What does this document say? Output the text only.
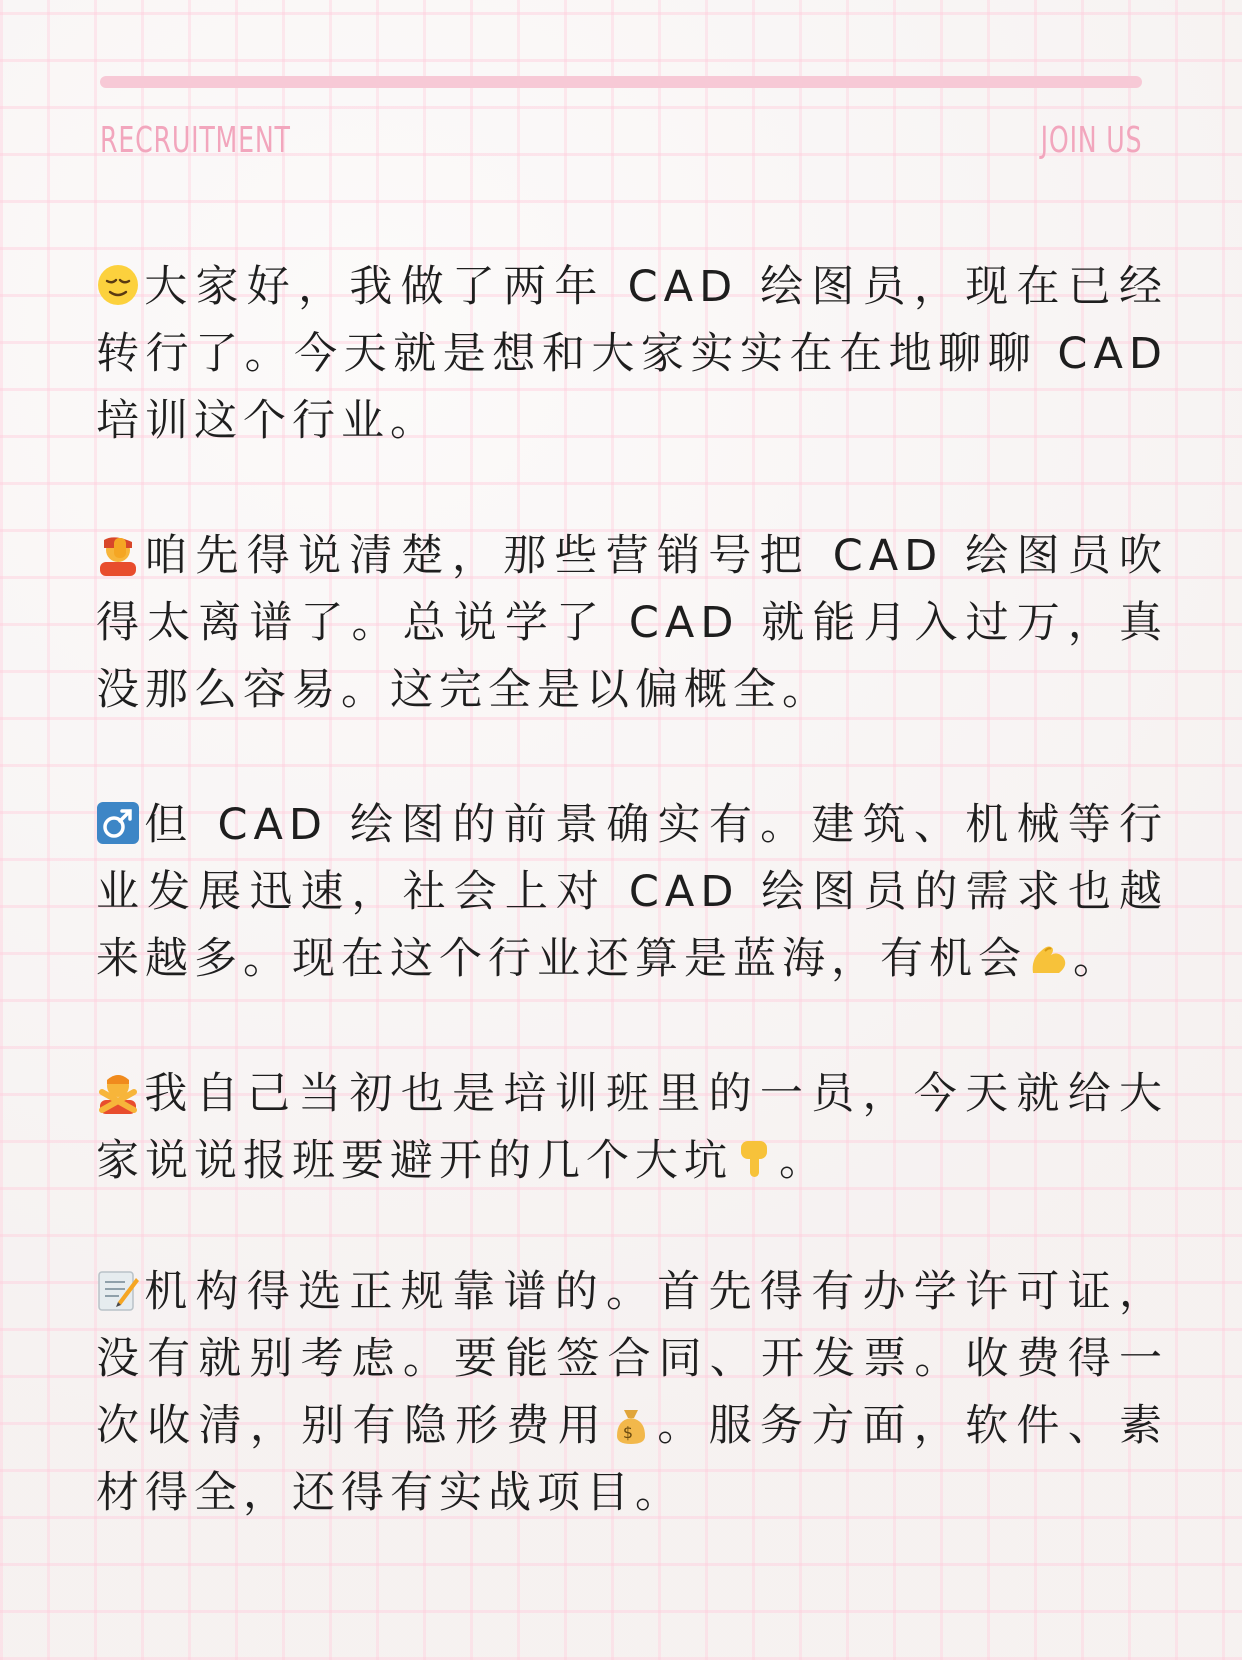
RECRUITMENT	JOIN US

大家好，我做了两年 CAD 绘图员，现在已经转行了。今天就是想和大家实实在在地聊聊 CAD 培训这个行业。

咱先得说清楚，那些营销号把 CAD 绘图员吹得太离谱了。总说学了 CAD 就能月入过万，真没那么容易。这完全是以偏概全。

但 CAD 绘图的前景确实有。建筑、机械等行业发展迅速，社会上对 CAD 绘图员的需求也越来越多。现在这个行业还算是蓝海，有机会 。

我自己当初也是培训班里的一员，今天就给大家说说报班要避开的几个大坑 。

机构得选正规靠谱的。首先得有办学许可证，没有就别考虑。要能签合同、开发票。收费得一次收清，别有隐形费用 $ 。服务方面，软件、素材得全，还得有实战项目。
